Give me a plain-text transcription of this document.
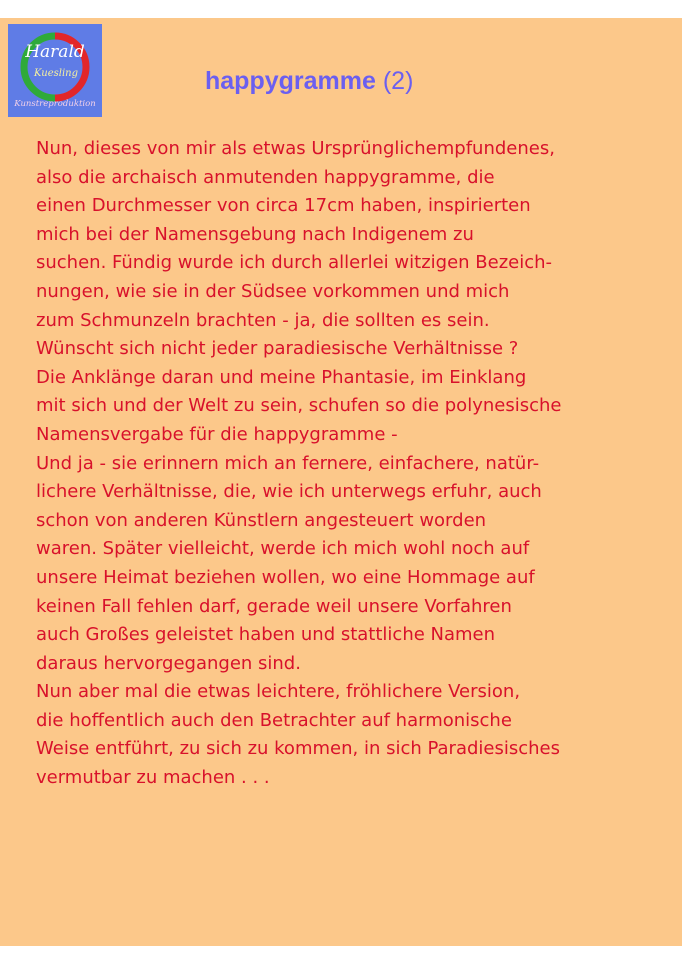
Harald
Kuesling
Kunstreproduktion
happygramme (2)
Nun, dieses von mir als etwas Ursprünglichempfundenes,
also die archaisch anmutenden happygramme, die
einen Durchmesser von circa 17cm haben, inspirierten
mich bei der Namensgebung nach Indigenem zu
suchen. Fündig wurde ich durch allerlei witzigen Bezeich-
nungen, wie sie in der Südsee vorkommen und mich
zum Schmunzeln brachten - ja, die sollten es sein.
Wünscht sich nicht jeder paradiesische Verhältnisse ?
Die Anklänge daran und meine Phantasie, im Einklang
mit sich und der Welt zu sein, schufen so die polynesische
Namensvergabe für die happygramme -
Und ja - sie erinnern mich an fernere, einfachere, natür-
lichere Verhältnisse, die, wie ich unterwegs erfuhr, auch
schon von anderen Künstlern angesteuert worden
waren. Später vielleicht, werde ich mich wohl noch auf
unsere Heimat beziehen wollen, wo eine Hommage auf
keinen Fall fehlen darf, gerade weil unsere Vorfahren
auch Großes geleistet haben und stattliche Namen
daraus hervorgegangen sind.
Nun aber mal die etwas leichtere, fröhlichere Version,
die hoffentlich auch den Betrachter auf harmonische
Weise entführt, zu sich zu kommen, in sich Paradiesisches
vermutbar zu machen . . .
